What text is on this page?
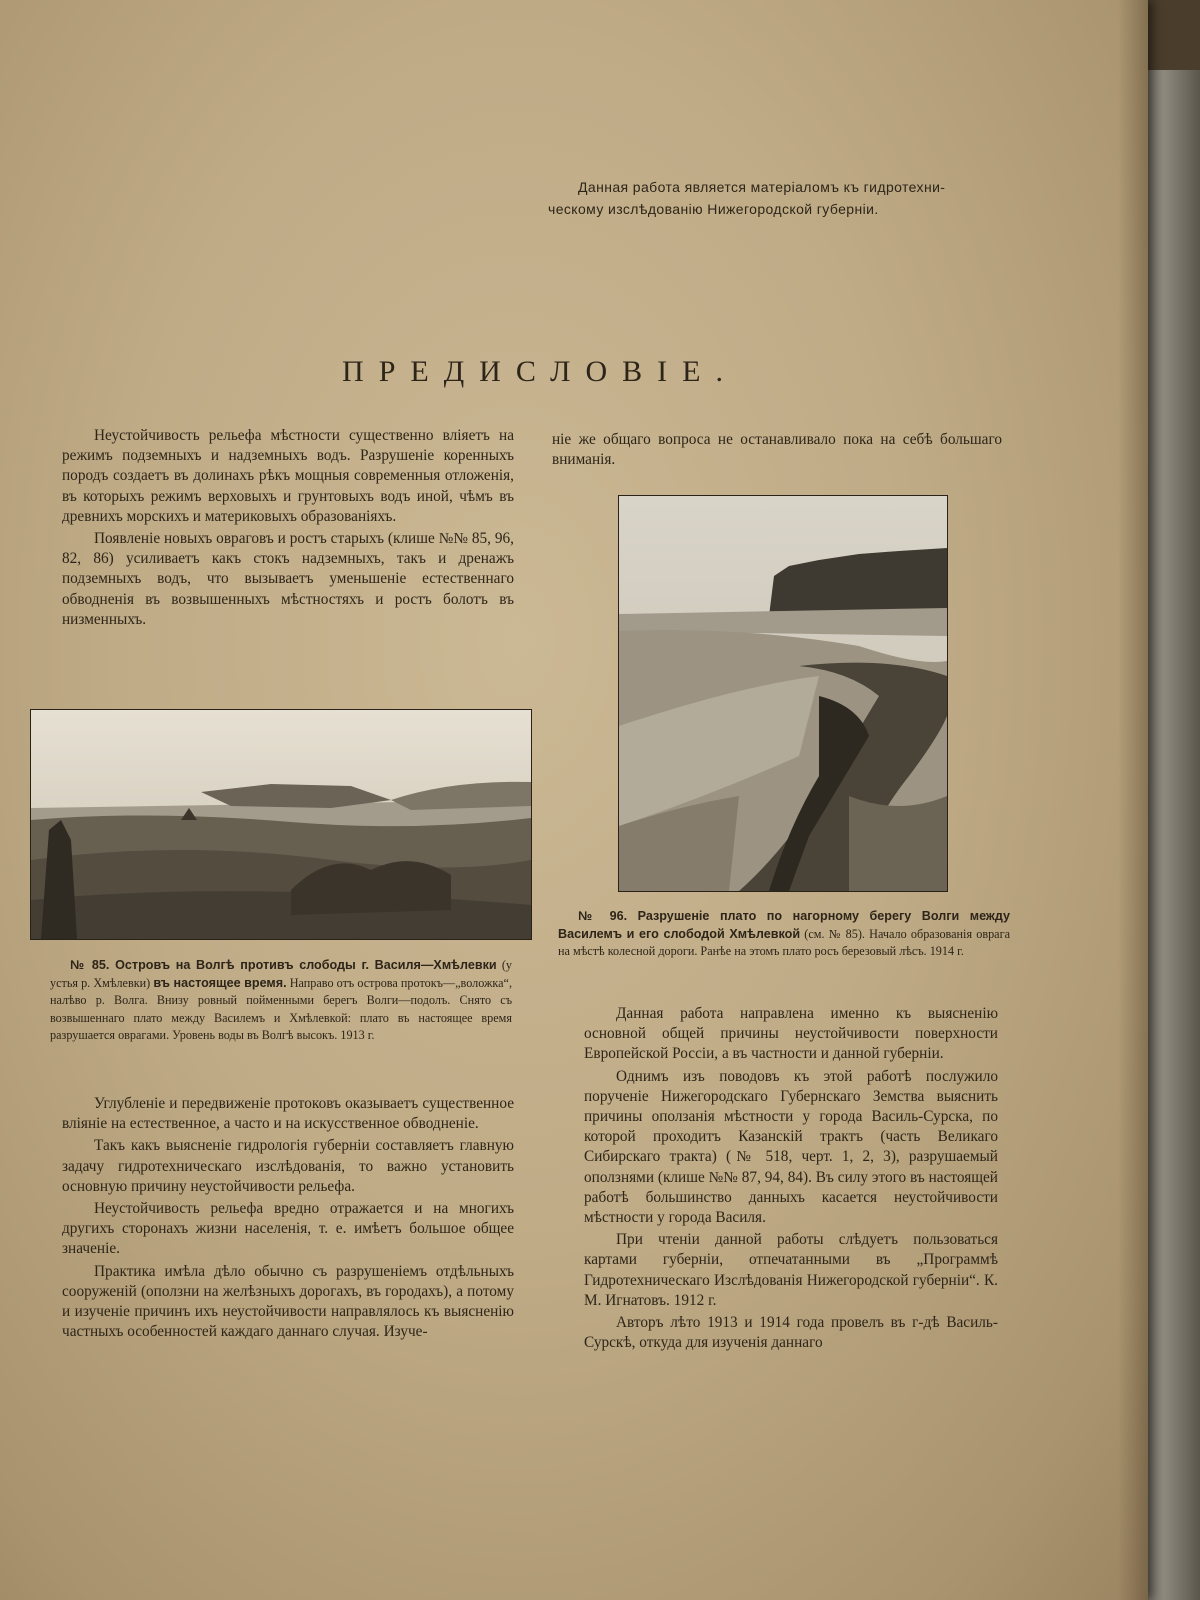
Данная работа является матеріаломъ къ гидротехни-

ческому изслѣдованію Нижегородской губерніи.

ПРЕДИСЛОВІЕ.

Неустойчивость рельефа мѣстности существенно вліяетъ на режимъ подземныхъ и надземныхъ водъ. Разрушеніе коренныхъ породъ создаетъ въ долинахъ рѣкъ мощныя современныя отложенія, въ которыхъ режимъ верховыхъ и грунтовыхъ водъ иной, чѣмъ въ древнихъ морскихъ и материковыхъ образованіяхъ.

Появленіе новыхъ овраговъ и ростъ старыхъ (клише №№ 85, 96, 82, 86) усиливаетъ какъ стокъ надземныхъ, такъ и дренажъ подземныхъ водъ, что вызываетъ уменьшеніе естественнаго обводненія въ возвышенныхъ мѣстностяхъ и ростъ болотъ въ низменныхъ.

ніе же общаго вопроса не останавливало пока на себѣ большаго вниманія.

№ 85. Островъ на Волгѣ противъ слободы г. Василя—Хмѣлевки (у устья р. Хмѣлевки) въ настоящее время. Направо отъ острова протокъ—„воложка“, налѣво р. Волга. Внизу ровный пойменными берегъ Волги—подолъ. Снято съ возвышеннаго плато между Василемъ и Хмѣлевкой: плато въ настоящее время разрушается оврагами. Уровень воды въ Волгѣ высокъ. 1913 г.

№ 96. Разрушеніе плато по нагорному берегу Волги между Василемъ и его слободой Хмѣлевкой (см. № 85). Начало образованія оврага на мѣстѣ колесной дороги. Ранѣе на этомъ плато росъ березовый лѣсъ. 1914 г.

Углубленіе и передвиженіе протоковъ оказываетъ существенное вліяніе на естественное, а часто и на искусственное обводненіе.

Такъ какъ выясненіе гидрологія губерніи составляетъ главную задачу гидротехническаго изслѣдованія, то важно установить основную причину неустойчивости рельефа.

Неустойчивость рельефа вредно отражается и на многихъ другихъ сторонахъ жизни населенія, т. е. имѣетъ большое общее значеніе.

Практика имѣла дѣло обычно съ разрушеніемъ отдѣльныхъ сооруженій (оползни на желѣзныхъ дорогахъ, въ городахъ), а потому и изученіе причинъ ихъ неустойчивости направлялось къ выясненію частныхъ особенностей каждаго даннаго случая. Изуче-

Данная работа направлена именно къ выясненію основной общей причины неустойчивости поверхности Европейской Россіи, а въ частности и данной губерніи.

Однимъ изъ поводовъ къ этой работѣ послужило порученіе Нижегородскаго Губернскаго Земства выяснить причины оползанія мѣстности у города Василь-Сурска, по которой проходитъ Казанскій трактъ (часть Великаго Сибирскаго тракта) (№ 518, черт. 1, 2, 3), разрушаемый оползнями (клише №№ 87, 94, 84). Въ силу этого въ настоящей работѣ большинство данныхъ касается неустойчивости мѣстности у города Василя.

При чтеніи данной работы слѣдуетъ пользоваться картами губерніи, отпечатанными въ „Программѣ Гидротехническаго Изслѣдованія Нижегородской губерніи“. К. М. Игнатовъ. 1912 г.

Авторъ лѣто 1913 и 1914 года провелъ въ г-дѣ Василь-Сурскѣ, откуда для изученія даннаго
